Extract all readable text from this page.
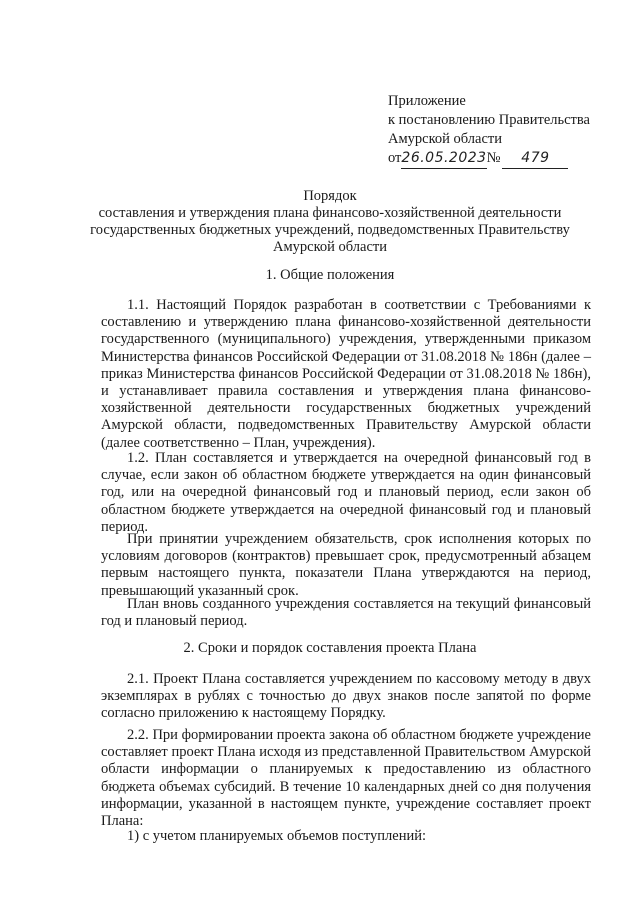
Приложение
к постановлению Правительства
Амурской области
от26.05.2023№ 479
Порядок
составления и утверждения плана финансово-хозяйственной деятельности
государственных бюджетных учреждений, подведомственных Правительству
Амурской области
1. Общие положения
1.1. Настоящий Порядок разработан в соответствии с Требованиями к составлению и утверждению плана финансово-хозяйственной деятельности государственного (муниципального) учреждения, утвержденными приказом Министерства финансов Российской Федерации от 31.08.2018 № 186н (далее – приказ Министерства финансов Российской Федерации от 31.08.2018 № 186н), и устанавливает правила составления и утверждения плана финансово-хозяйственной деятельности государственных бюджетных учреждений Амурской области, подведомственных Правительству Амурской области (далее соответственно – План, учреждения).
1.2. План составляется и утверждается на очередной финансовый год в случае, если закон об областном бюджете утверждается на один финансовый год, или на очередной финансовый год и плановый период, если закон об областном бюджете утверждается на очередной финансовый год и плановый период.
При принятии учреждением обязательств, срок исполнения которых по условиям договоров (контрактов) превышает срок, предусмотренный абзацем первым настоящего пункта, показатели Плана утверждаются на период, превышающий указанный срок.
План вновь созданного учреждения составляется на текущий финансовый год и плановый период.
2. Сроки и порядок составления проекта Плана
2.1. Проект Плана составляется учреждением по кассовому методу в двух экземплярах в рублях с точностью до двух знаков после запятой по форме согласно приложению к настоящему Порядку.
2.2. При формировании проекта закона об областном бюджете учреждение составляет проект Плана исходя из представленной Правительством Амурской области информации о планируемых к предоставлению из областного бюджета объемах субсидий. В течение 10 календарных дней со дня получения информации, указанной в настоящем пункте, учреждение составляет проект Плана:
1) с учетом планируемых объемов поступлений:
